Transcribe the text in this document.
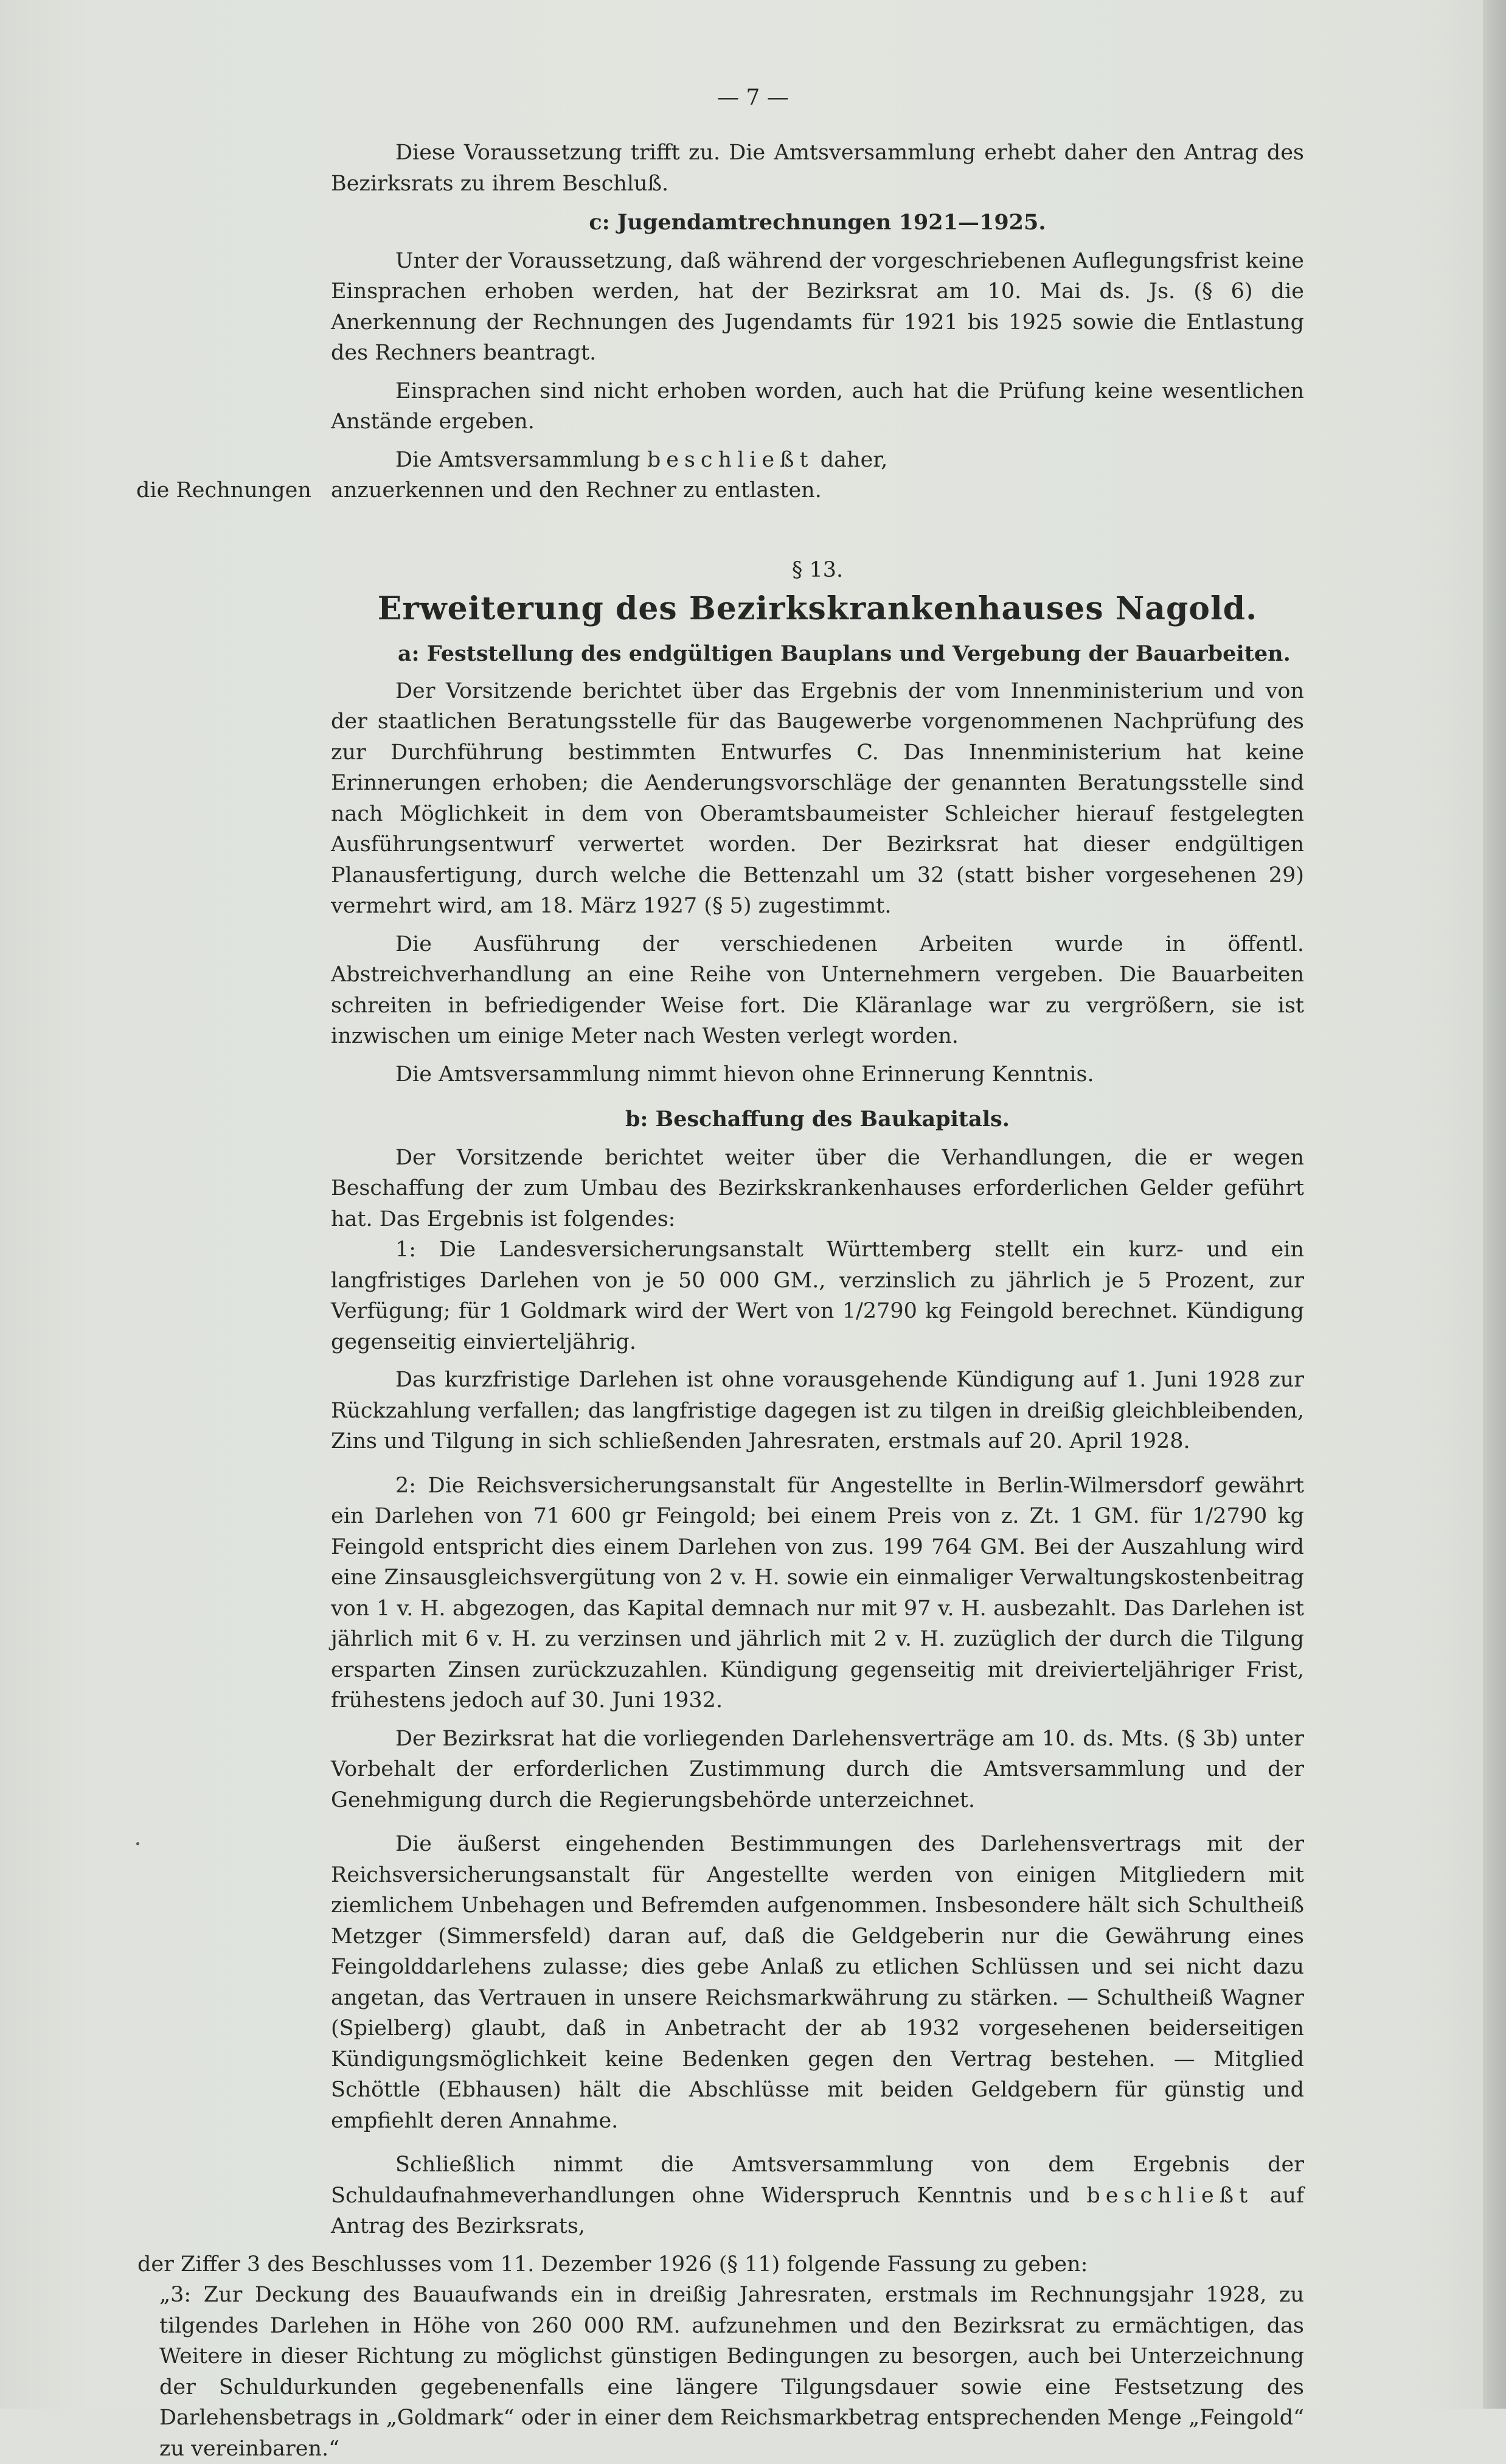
— 7 —

Diese Voraussetzung trifft zu. Die Amtsversammlung erhebt daher den Antrag des Bezirksrats zu ihrem Beschluß.

c: Jugendamtrechnungen 1921—1925.

Unter der Voraussetzung, daß während der vorgeschriebenen Auflegungsfrist keine Einsprachen erhoben werden, hat der Bezirksrat am 10. Mai ds. Js. (§ 6) die Anerkennung der Rechnungen des Jugendamts für 1921 bis 1925 sowie die Entlastung des Rechners beantragt.

Einsprachen sind nicht erhoben worden, auch hat die Prüfung keine wesentlichen Anstände ergeben.

Die Amtsversammlung beschließt daher,

die Rechnungen anzuerkennen und den Rechner zu entlasten.

§ 13.

Erweiterung des Bezirkskrankenhauses Nagold.

a: Feststellung des endgültigen Bauplans und Vergebung der Bauarbeiten.

Der Vorsitzende berichtet über das Ergebnis der vom Innenministerium und von der staatlichen Beratungsstelle für das Baugewerbe vorgenommenen Nachprüfung des zur Durchführung bestimmten Entwurfes C. Das Innenministerium hat keine Erinnerungen erhoben; die Aenderungsvorschläge der genannten Beratungsstelle sind nach Möglichkeit in dem von Oberamtsbaumeister Schleicher hierauf festgelegten Ausführungsentwurf verwertet worden. Der Bezirksrat hat dieser endgültigen Planausfertigung, durch welche die Bettenzahl um 32 (statt bisher vorgesehenen 29) vermehrt wird, am 18. März 1927 (§ 5) zugestimmt.

Die Ausführung der verschiedenen Arbeiten wurde in öffentl. Abstreichverhandlung an eine Reihe von Unternehmern vergeben. Die Bauarbeiten schreiten in befriedigender Weise fort. Die Kläranlage war zu vergrößern, sie ist inzwischen um einige Meter nach Westen verlegt worden.

Die Amtsversammlung nimmt hievon ohne Erinnerung Kenntnis.

b: Beschaffung des Baukapitals.

Der Vorsitzende berichtet weiter über die Verhandlungen, die er wegen Beschaffung der zum Umbau des Bezirkskrankenhauses erforderlichen Gelder geführt hat. Das Ergebnis ist folgendes:

1: Die Landesversicherungsanstalt Württemberg stellt ein kurz- und ein langfristiges Darlehen von je 50 000 GM., verzinslich zu jährlich je 5 Prozent, zur Verfügung; für 1 Goldmark wird der Wert von 1/2790 kg Feingold berechnet. Kündigung gegenseitig einvierteljährig.

Das kurzfristige Darlehen ist ohne vorausgehende Kündigung auf 1. Juni 1928 zur Rückzahlung verfallen; das langfristige dagegen ist zu tilgen in dreißig gleichbleibenden, Zins und Tilgung in sich schließenden Jahresraten, erstmals auf 20. April 1928.

2: Die Reichsversicherungsanstalt für Angestellte in Berlin-Wilmersdorf gewährt ein Darlehen von 71 600 gr Feingold; bei einem Preis von z. Zt. 1 GM. für 1/2790 kg Feingold entspricht dies einem Darlehen von zus. 199 764 GM. Bei der Auszahlung wird eine Zinsausgleichsvergütung von 2 v. H. sowie ein einmaliger Verwaltungskostenbeitrag von 1 v. H. abgezogen, das Kapital demnach nur mit 97 v. H. ausbezahlt. Das Darlehen ist jährlich mit 6 v. H. zu verzinsen und jährlich mit 2 v. H. zuzüglich der durch die Tilgung ersparten Zinsen zurückzuzahlen. Kündigung gegenseitig mit dreivierteljähriger Frist, frühestens jedoch auf 30. Juni 1932.

Der Bezirksrat hat die vorliegenden Darlehensverträge am 10. ds. Mts. (§ 3b) unter Vorbehalt der erforderlichen Zustimmung durch die Amtsversammlung und der Genehmigung durch die Regierungsbehörde unterzeichnet.

Die äußerst eingehenden Bestimmungen des Darlehensvertrags mit der Reichsversicherungsanstalt für Angestellte werden von einigen Mitgliedern mit ziemlichem Unbehagen und Befremden aufgenommen. Insbesondere hält sich Schultheiß Metzger (Simmersfeld) daran auf, daß die Geldgeberin nur die Gewährung eines Feingolddarlehens zulasse; dies gebe Anlaß zu etlichen Schlüssen und sei nicht dazu angetan, das Vertrauen in unsere Reichsmarkwährung zu stärken. — Schultheiß Wagner (Spielberg) glaubt, daß in Anbetracht der ab 1932 vorgesehenen beiderseitigen Kündigungsmöglichkeit keine Bedenken gegen den Vertrag bestehen. — Mitglied Schöttle (Ebhausen) hält die Abschlüsse mit beiden Geldgebern für günstig und empfiehlt deren Annahme.

Schließlich nimmt die Amtsversammlung von dem Ergebnis der Schuldaufnahmeverhandlungen ohne Widerspruch Kenntnis und beschließt auf Antrag des Bezirksrats,

der Ziffer 3 des Beschlusses vom 11. Dezember 1926 (§ 11) folgende Fassung zu geben:

„3: Zur Deckung des Bauaufwands ein in dreißig Jahresraten, erstmals im Rechnungsjahr 1928, zu tilgendes Darlehen in Höhe von 260 000 RM. aufzunehmen und den Bezirksrat zu ermächtigen, das Weitere in dieser Richtung zu möglichst günstigen Bedingungen zu besorgen, auch bei Unterzeichnung der Schuldurkunden gegebenenfalls eine längere Tilgungsdauer sowie eine Festsetzung des Darlehensbetrags in „Goldmark“ oder in einer dem Reichsmarkbetrag entsprechenden Menge „Feingold“ zu vereinbaren.“
